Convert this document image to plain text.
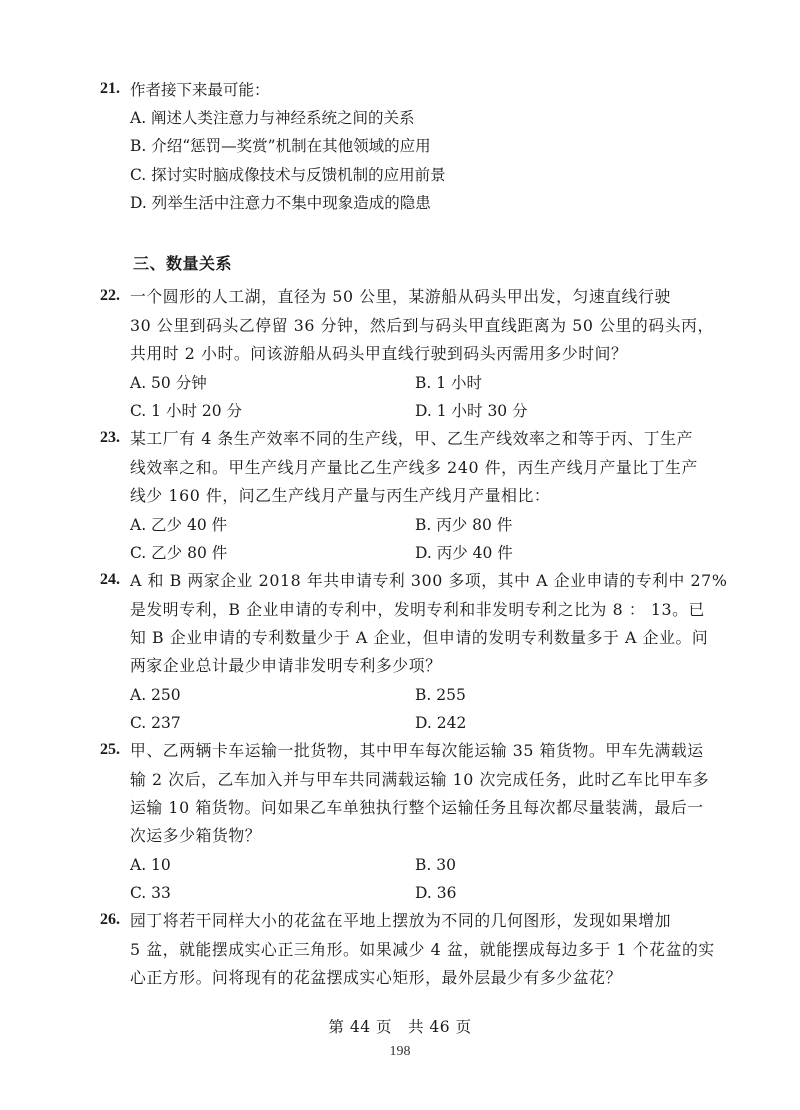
21. 作者接下来最可能：
A. 阐述人类注意力与神经系统之间的关系
B. 介绍“惩罚—奖赏”机制在其他领域的应用
C. 探讨实时脑成像技术与反馈机制的应用前景
D. 列举生活中注意力不集中现象造成的隐患
三、数量关系
22. 一个圆形的人工湖，直径为 50 公里，某游船从码头甲出发，匀速直线行驶
30 公里到码头乙停留 36 分钟，然后到与码头甲直线距离为 50 公里的码头丙，
共用时 2 小时。问该游船从码头甲直线行驶到码头丙需用多少时间？
A. 50 分钟	B. 1 小时
C. 1 小时 20 分	D. 1 小时 30 分
23. 某工厂有 4 条生产效率不同的生产线，甲、乙生产线效率之和等于丙、丁生产
线效率之和。甲生产线月产量比乙生产线多 240 件，丙生产线月产量比丁生产
线少 160 件，问乙生产线月产量与丙生产线月产量相比：
A. 乙少 40 件	B. 丙少 80 件
C. 乙少 80 件	D. 丙少 40 件
24. A 和 B 两家企业 2018 年共申请专利 300 多项，其中 A 企业申请的专利中 27%
是发明专利，B 企业申请的专利中，发明专利和非发明专利之比为 8 ： 13。已
知 B 企业申请的专利数量少于 A 企业，但申请的发明专利数量多于 A 企业。问
两家企业总计最少申请非发明专利多少项？
A. 250	B. 255
C. 237	D. 242
25. 甲、乙两辆卡车运输一批货物，其中甲车每次能运输 35 箱货物。甲车先满载运
输 2 次后，乙车加入并与甲车共同满载运输 10 次完成任务，此时乙车比甲车多
运输 10 箱货物。问如果乙车单独执行整个运输任务且每次都尽量装满，最后一
次运多少箱货物？
A. 10	B. 30
C. 33	D. 36
26. 园丁将若干同样大小的花盆在平地上摆放为不同的几何图形，发现如果增加
5 盆，就能摆成实心正三角形。如果减少 4 盆，就能摆成每边多于 1 个花盆的实
心正方形。问将现有的花盆摆成实心矩形，最外层最少有多少盆花？
第 44 页　共 46 页
198
